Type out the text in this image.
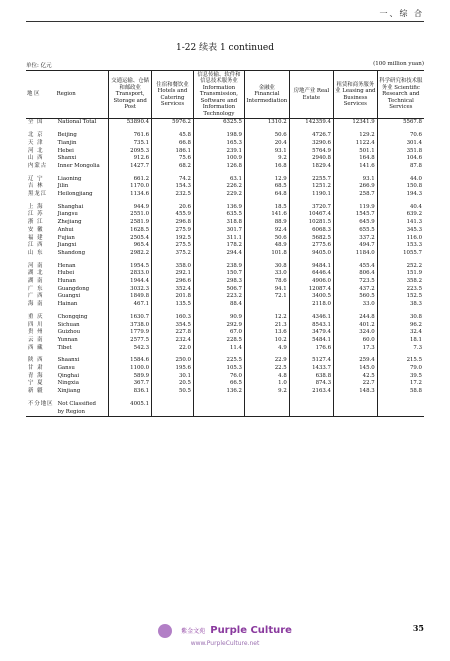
一、综 合
1-22 续表 1 continued
单位: 亿元	(100 million yuan)
地 区	Region	交通运输、仓储和邮政业 Transport, Storage and Post	住宿和餐饮业 Hotels and Catering Services	信息传输、软件和信息技术服务业 Information Transmission, Software and Information Technology	金融业 Financial Intermediation	房地产业 Real Estate	租赁和商务服务业 Leasing and Business Services	科学研究和技术服务业 Scientific Research and Technical Services
全 国	National Total	53890.4	5976.2	6325.5	1310.2	142359.4	12341.9	5567.8

北 京	Beijing	761.6	45.8	198.9	50.6	4726.7	129.2	70.6
天 津	Tianjin	735.1	66.8	165.3	20.4	3290.6	1122.4	301.4
河 北	Hebei	2095.3	186.1	239.1	93.1	5764.9	501.1	351.8
山 西	Shanxi	912.6	75.6	100.9	9.2	2940.8	164.8	104.6
内蒙古	Inner Mongolia	1427.7	68.2	126.8	16.8	1829.4	141.6	87.8

辽 宁	Liaoning	661.2	74.2	63.1	12.9	2255.7	93.1	44.0
吉 林	Jilin	1170.0	154.3	226.2	68.5	1251.2	266.9	150.8
黑龙江	Heilongjiang	1134.6	232.5	229.2	64.8	1190.1	258.7	194.3

上 海	Shanghai	944.9	20.6	136.9	18.5	3720.7	119.9	40.4
江 苏	Jiangsu	2551.0	455.9	635.5	141.6	10467.4	1545.7	639.2
浙 江	Zhejiang	2581.9	296.8	318.8	88.9	10281.5	645.9	141.3
安 徽	Anhui	1628.5	275.9	301.7	92.4	6068.3	655.5	345.3
福 建	Fujian	2505.4	192.5	311.1	50.6	5682.5	337.2	116.0
江 西	Jiangxi	965.4	275.5	178.2	48.9	2775.6	494.7	153.3
山 东	Shandong	2982.2	375.2	294.4	101.8	9405.0	1184.0	1055.7

河 南	Henan	1954.5	358.0	238.9	30.8	9484.1	455.4	252.2
湖 北	Hubei	2833.0	292.1	150.7	33.0	6446.4	806.4	151.9
湖 南	Hunan	1944.4	296.6	298.3	78.6	4906.0	723.5	358.2
广 东	Guangdong	3032.3	352.4	506.7	94.1	12087.4	437.2	223.5
广 西	Guangxi	1849.8	201.8	223.2	72.1	3400.5	560.5	152.5
海 南	Hainan	467.1	135.5	88.4		2118.0	33.0	38.3

重 庆	Chongqing	1630.7	160.3	90.9	12.2	4346.1	244.8	30.8
四 川	Sichuan	3738.0	354.5	292.9	21.3	8543.1	401.2	96.2
贵 州	Guizhou	1779.9	227.8	67.0	13.6	3479.4	324.0	32.4
云 南	Yunnan	2577.5	232.4	228.5	10.2	5484.1	60.0	18.1
西 藏	Tibet	542.3	22.0	11.4	4.9	176.6	17.3	7.3

陕 西	Shaanxi	1584.6	250.0	225.5	22.9	5127.4	259.4	215.5
甘 肃	Gansu	1100.0	195.6	105.3	22.5	1433.7	145.0	79.0
青 海	Qinghai	589.9	30.1	76.0	4.8	638.8	42.5	39.5
宁 夏	Ningxia	367.7	20.5	66.5	1.0	874.3	22.7	17.2
新 疆	Xinjiang	836.1	50.5	136.2	9.2	2163.4	148.3	58.8

不分地区	Not Classified	4005.1						
	by Region							
35
紫金文苑 Purple Culture
www.PurpleCulture.net
